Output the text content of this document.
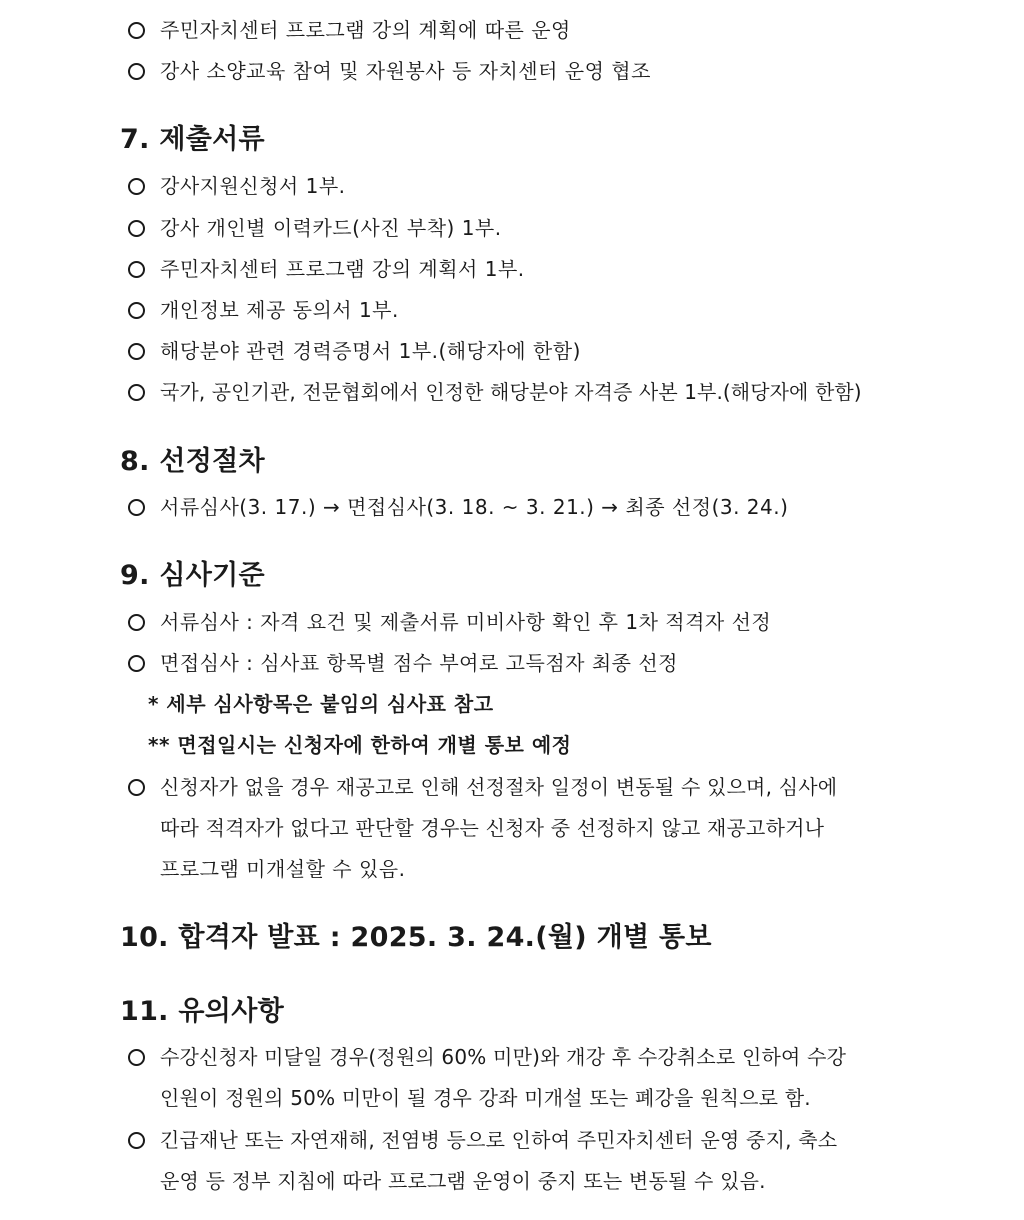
주민자치센터 프로그램 강의 계획에 따른 운영
강사 소양교육 참여 및 자원봉사 등 자치센터 운영 협조
7. 제출서류
강사지원신청서 1부.
강사 개인별 이력카드(사진 부착) 1부.
주민자치센터 프로그램 강의 계획서 1부.
개인정보 제공 동의서 1부.
해당분야 관련 경력증명서 1부.(해당자에 한함)
국가, 공인기관, 전문협회에서 인정한 해당분야 자격증 사본 1부.(해당자에 한함)
8. 선정절차
서류심사(3. 17.) → 면접심사(3. 18. ~ 3. 21.) → 최종 선정(3. 24.)
9. 심사기준
서류심사 : 자격 요건 및 제출서류 미비사항 확인 후 1차 적격자 선정
면접심사 : 심사표 항목별 점수 부여로 고득점자 최종 선정
* 세부 심사항목은 붙임의 심사표 참고
** 면접일시는 신청자에 한하여 개별 통보 예정
신청자가 없을 경우 재공고로 인해 선정절차 일정이 변동될 수 있으며, 심사에
따라 적격자가 없다고 판단할 경우는 신청자 중 선정하지 않고 재공고하거나
프로그램 미개설할 수 있음.
10. 합격자 발표 : 2025. 3. 24.(월) 개별 통보
11. 유의사항
수강신청자 미달일 경우(정원의 60% 미만)와 개강 후 수강취소로 인하여 수강
인원이 정원의 50% 미만이 될 경우 강좌 미개설 또는 폐강을 원칙으로 함.
긴급재난 또는 자연재해, 전염병 등으로 인하여 주민자치센터 운영 중지, 축소
운영 등 정부 지침에 따라 프로그램 운영이 중지 또는 변동될 수 있음.
